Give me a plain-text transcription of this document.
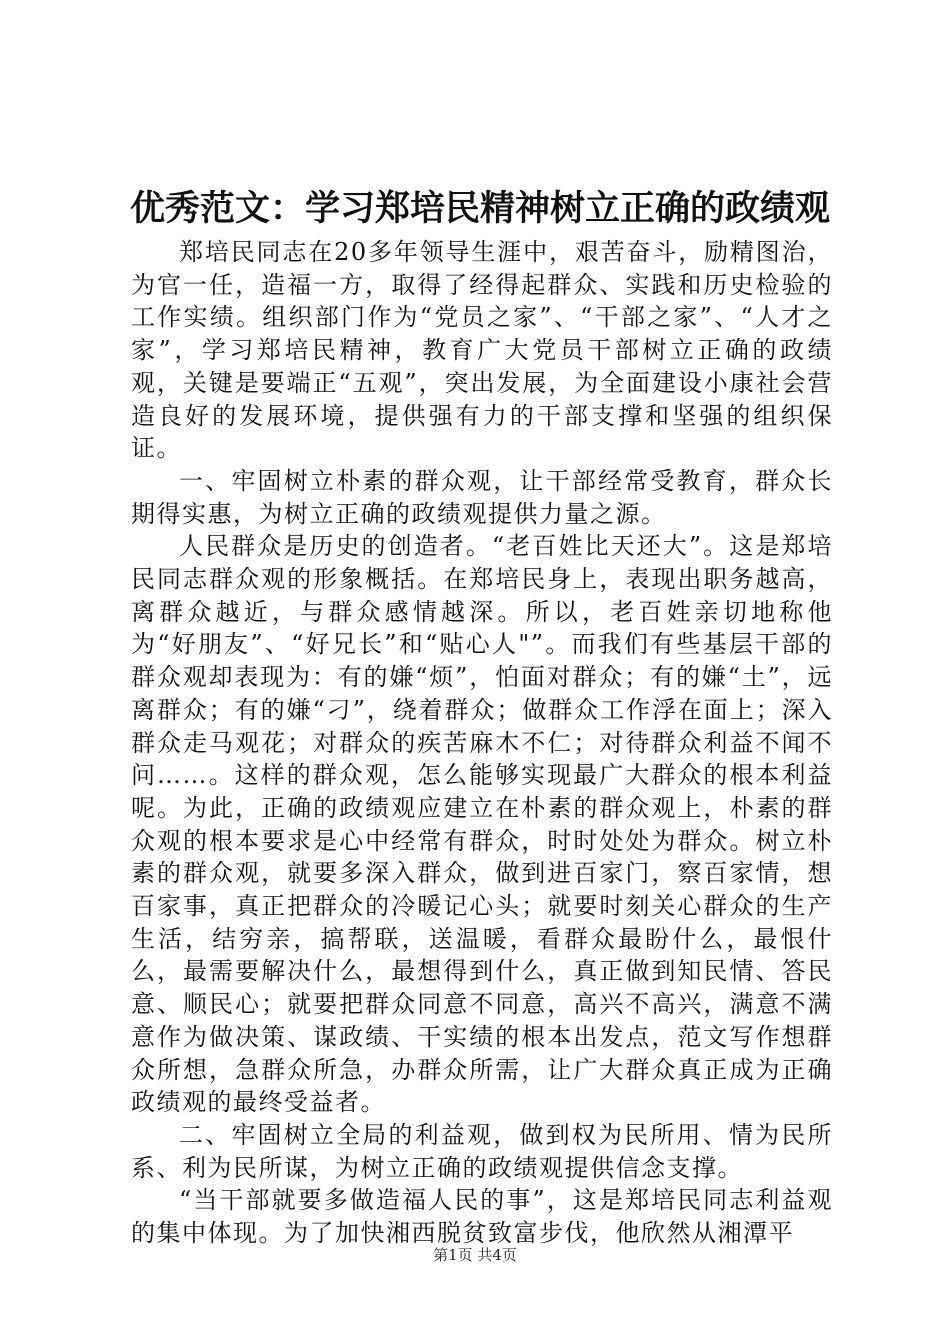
优秀范文：学习郑培民精神树立正确的政绩观

郑培民同志在20多年领导生涯中，艰苦奋斗，励精图治，为官一任，造福一方，取得了经得起群众、实践和历史检验的工作实绩。组织部门作为“党员之家”、“干部之家”、“人才之家”，学习郑培民精神，教育广大党员干部树立正确的政绩观，关键是要端正“五观”，突出发展，为全面建设小康社会营造良好的发展环境，提供强有力的干部支撑和坚强的组织保证。

一、牢固树立朴素的群众观，让干部经常受教育，群众长期得实惠，为树立正确的政绩观提供力量之源。

人民群众是历史的创造者。“老百姓比天还大”。这是郑培民同志群众观的形象概括。在郑培民身上，表现出职务越高，离群众越近，与群众感情越深。所以，老百姓亲切地称他为“好朋友”、“好兄长”和“贴心人"”。而我们有些基层干部的群众观却表现为：有的嫌“烦”，怕面对群众；有的嫌“土”，远离群众；有的嫌“刁”，绕着群众；做群众工作浮在面上；深入群众走马观花；对群众的疾苦麻木不仁；对待群众利益不闻不问……。这样的群众观，怎么能够实现最广大群众的根本利益呢。为此，正确的政绩观应建立在朴素的群众观上，朴素的群众观的根本要求是心中经常有群众，时时处处为群众。树立朴素的群众观，就要多深入群众，做到进百家门，察百家情，想百家事，真正把群众的冷暖记心头；就要时刻关心群众的生产生活，结穷亲，搞帮联，送温暖，看群众最盼什么，最恨什么，最需要解决什么，最想得到什么，真正做到知民情、答民意、顺民心；就要把群众同意不同意，高兴不高兴，满意不满意作为做决策、谋政绩、干实绩的根本出发点，范文写作想群众所想，急群众所急，办群众所需，让广大群众真正成为正确政绩观的最终受益者。

二、牢固树立全局的利益观，做到权为民所用、情为民所系、利为民所谋，为树立正确的政绩观提供信念支撑。

“当干部就要多做造福人民的事”，这是郑培民同志利益观的集中体现。为了加快湘西脱贫致富步伐，他欣然从湘潭平

第1页 共4页
